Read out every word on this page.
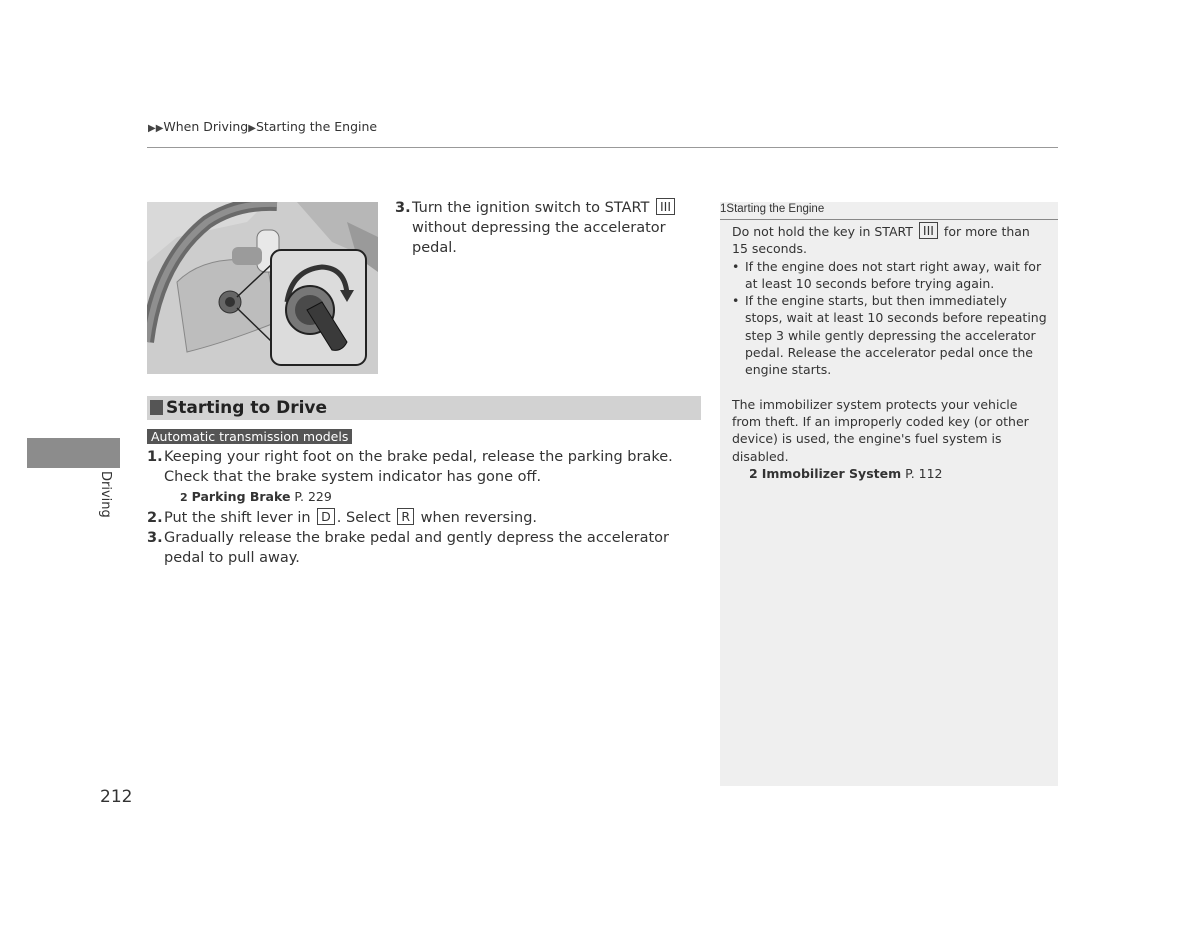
▶▶When Driving▶Starting the Engine
3. Turn the ignition switch to START III without depressing the accelerator pedal.
Starting to Drive
Automatic transmission models
1. Keeping your right foot on the brake pedal, release the parking brake. Check that the brake system indicator has gone off.
2 Parking Brake P. 229
2. Put the shift lever in D . Select R when reversing.
3. Gradually release the brake pedal and gently depress the accelerator pedal to pull away.
Driving
212
1Starting the Engine
Do not hold the key in START III for more than 15 seconds.
• If the engine does not start right away, wait for at least 10 seconds before trying again.
• If the engine starts, but then immediately stops, wait at least 10 seconds before repeating step 3 while gently depressing the accelerator pedal. Release the accelerator pedal once the engine starts.
The immobilizer system protects your vehicle from theft. If an improperly coded key (or other device) is used, the engine's fuel system is disabled.
2 Immobilizer System P. 112
